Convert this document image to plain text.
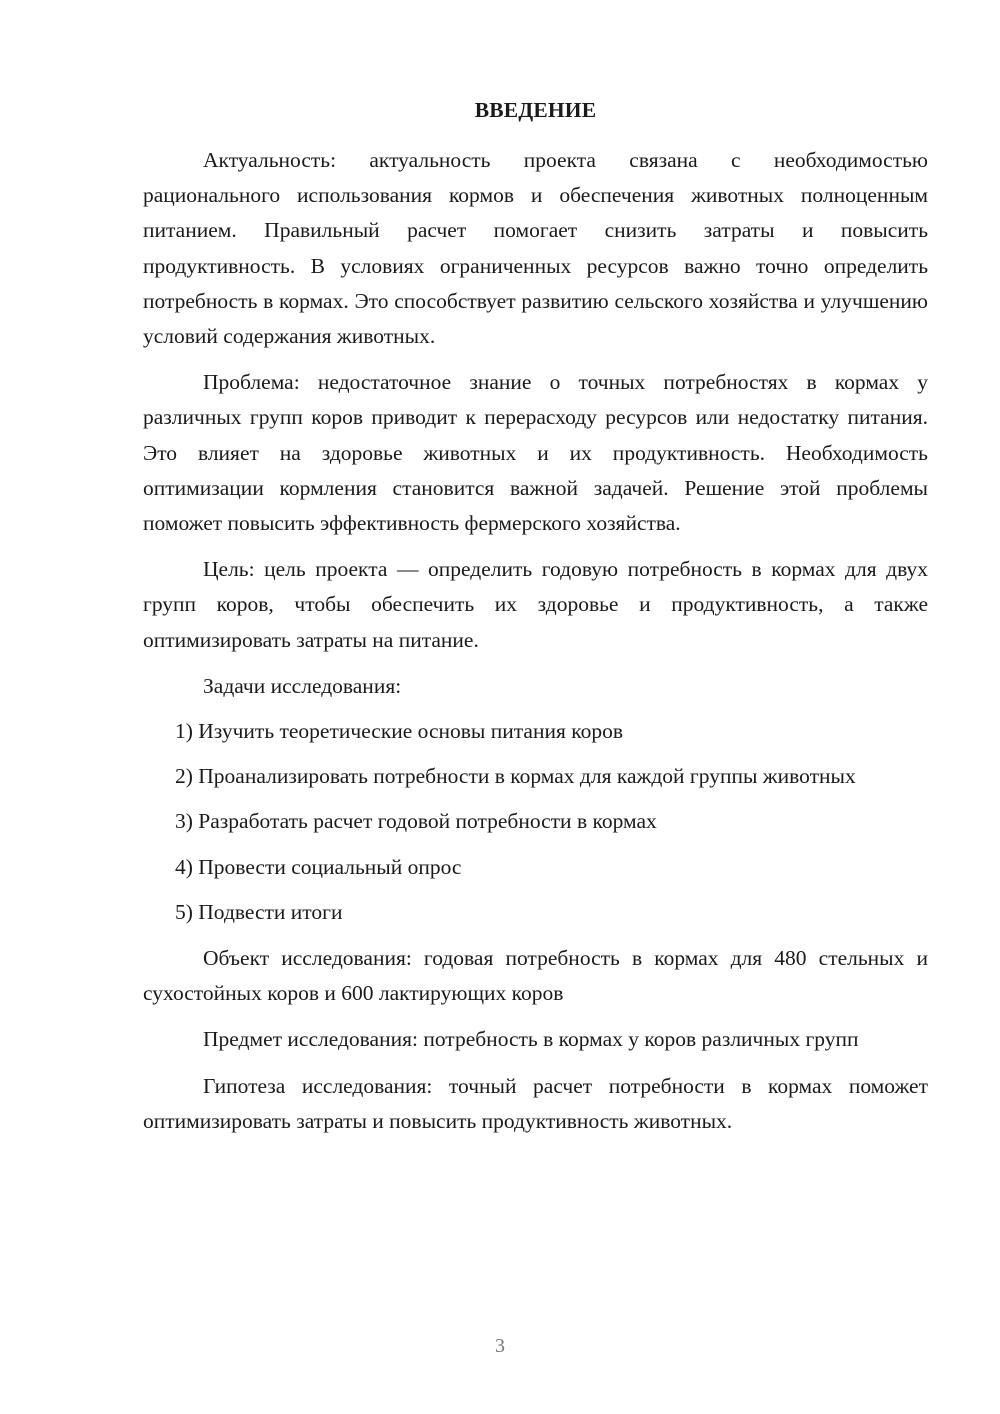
ВВЕДЕНИЕ

Актуальность: актуальность проекта связана с необходимостью рационального использования кормов и обеспечения животных полноценным питанием. Правильный расчет помогает снизить затраты и повысить продуктивность. В условиях ограниченных ресурсов важно точно определить потребность в кормах. Это способствует развитию сельского хозяйства и улучшению условий содержания животных.

Проблема: недостаточное знание о точных потребностях в кормах у различных групп коров приводит к перерасходу ресурсов или недостатку питания. Это влияет на здоровье животных и их продуктивность. Необходимость оптимизации кормления становится важной задачей. Решение этой проблемы поможет повысить эффективность фермерского хозяйства.

Цель: цель проекта — определить годовую потребность в кормах для двух групп коров, чтобы обеспечить их здоровье и продуктивность, а также оптимизировать затраты на питание.

Задачи исследования:

1) Изучить теоретические основы питания коров

2) Проанализировать потребности в кормах для каждой группы животных

3) Разработать расчет годовой потребности в кормах

4) Провести социальный опрос

5) Подвести итоги

Объект исследования: годовая потребность в кормах для 480 стельных и сухостойных коров и 600 лактирующих коров

Предмет исследования: потребность в кормах у коров различных групп

Гипотеза исследования: точный расчет потребности в кормах поможет оптимизировать затраты и повысить продуктивность животных.

3
